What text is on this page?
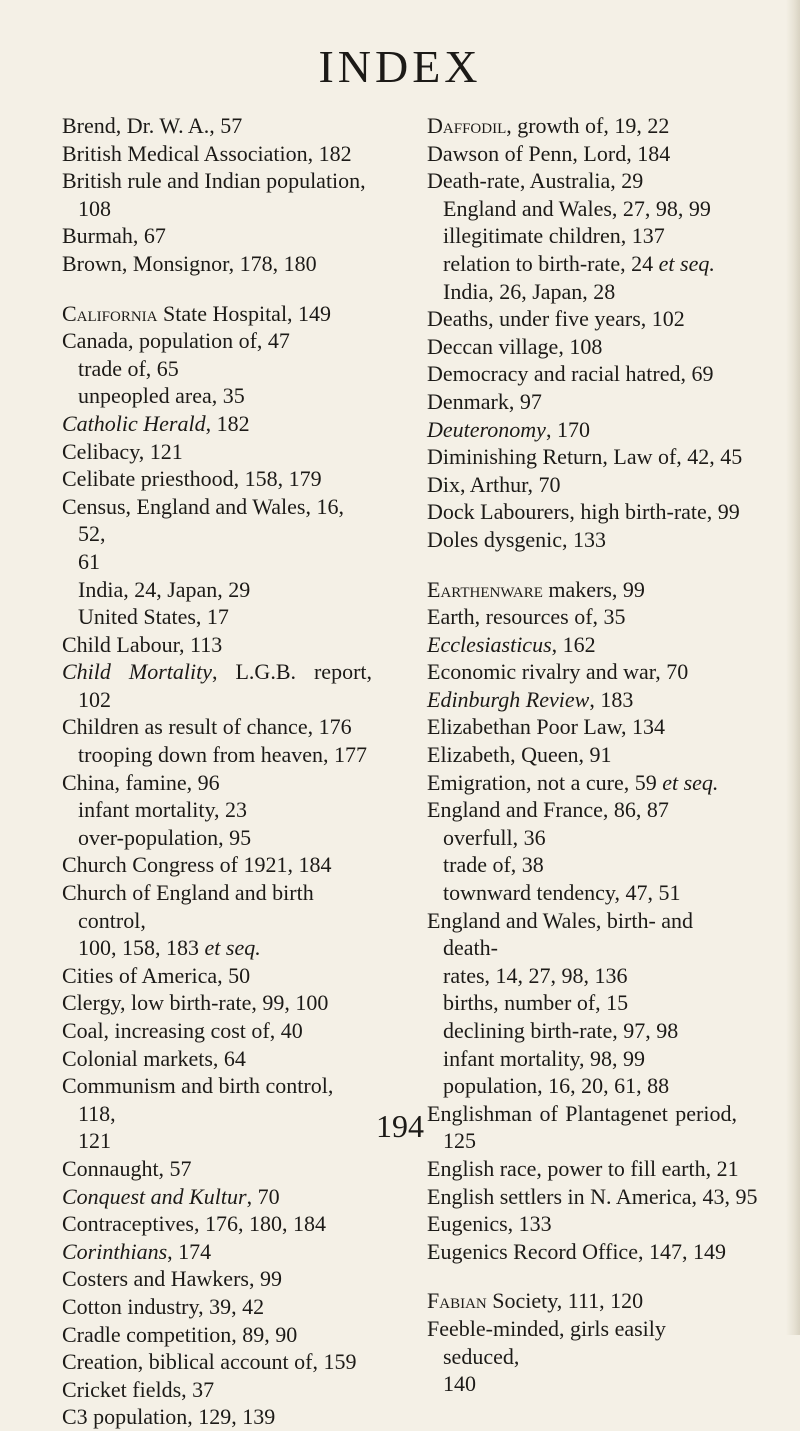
INDEX
Brend, Dr. W. A., 57
British Medical Association, 182
British rule and Indian population,
108
Burmah, 67
Brown, Monsignor, 178, 180
California State Hospital, 149
Canada, population of, 47
trade of, 65
unpeopled area, 35
Catholic Herald, 182
Celibacy, 121
Celibate priesthood, 158, 179
Census, England and Wales, 16, 52,
61
India, 24, Japan, 29
United States, 17
Child Labour, 113
Child Mortality, L.G.B. report,
102
Children as result of chance, 176
trooping down from heaven, 177
China, famine, 96
infant mortality, 23
over-population, 95
Church Congress of 1921, 184
Church of England and birth control,
100, 158, 183 et seq.
Cities of America, 50
Clergy, low birth-rate, 99, 100
Coal, increasing cost of, 40
Colonial markets, 64
Communism and birth control, 118,
121
Connaught, 57
Conquest and Kultur, 70
Contraceptives, 176, 180, 184
Corinthians, 174
Costers and Hawkers, 99
Cotton industry, 39, 42
Cradle competition, 89, 90
Creation, biblical account of, 159
Cricket fields, 37
C3 population, 129, 139
Daffodil, growth of, 19, 22
Dawson of Penn, Lord, 184
Death-rate, Australia, 29
England and Wales, 27, 98, 99
illegitimate children, 137
relation to birth-rate, 24 et seq.
India, 26, Japan, 28
Deaths, under five years, 102
Deccan village, 108
Democracy and racial hatred, 69
Denmark, 97
Deuteronomy, 170
Diminishing Return, Law of, 42, 45
Dix, Arthur, 70
Dock Labourers, high birth-rate, 99
Doles dysgenic, 133
Earthenware makers, 99
Earth, resources of, 35
Ecclesiasticus, 162
Economic rivalry and war, 70
Edinburgh Review, 183
Elizabethan Poor Law, 134
Elizabeth, Queen, 91
Emigration, not a cure, 59 et seq.
England and France, 86, 87
overfull, 36
trade of, 38
townward tendency, 47, 51
England and Wales, birth- and death-
rates, 14, 27, 98, 136
births, number of, 15
declining birth-rate, 97, 98
infant mortality, 98, 99
population, 16, 20, 61, 88
Englishman of Plantagenet period,
125
English race, power to fill earth, 21
English settlers in N. America, 43, 95
Eugenics, 133
Eugenics Record Office, 147, 149
Fabian Society, 111, 120
Feeble-minded, girls easily seduced,
140
194
